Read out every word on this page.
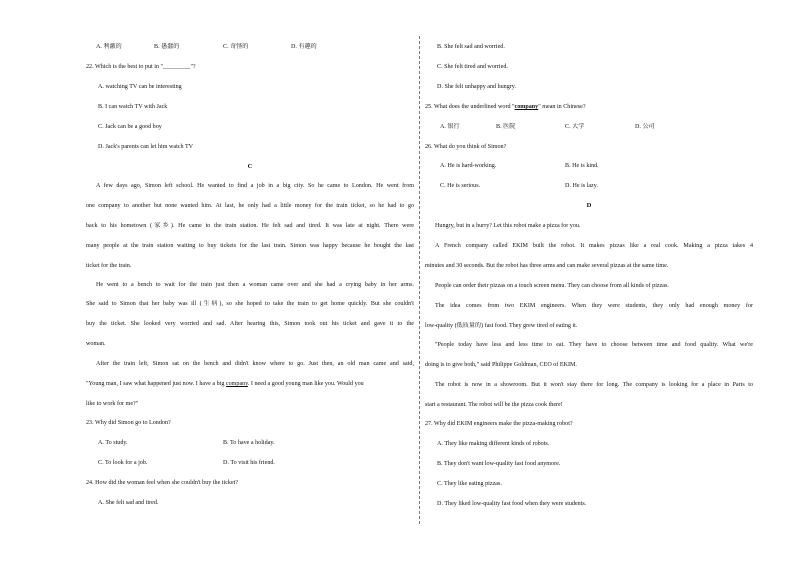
A. 利激的	B. 愚蠢的	C. 奇怪的	D. 有趣的
22. Which is the best to put in "_________"?
A. watching TV can be interesting
B. I can watch TV with Jack
C. Jack can be a good boy
D. Jack's parents can let him watch TV
C
A few days ago, Simon left school. He wanted to find a job in a big city. So he came to London. He went from
one company to another but none wanted him. At last, he only had a little money for the train ticket, so he had to go
back to his hometown (家乡). He came to the train station. He felt sad and tired. It was late at night. There were
many people at the train station waiting to buy tickets for the last train. Simon was happy because he bought the last
ticket for the train.
He went to a bench to wait for the train just then a woman came over and she had a crying baby in her arms.
She said to Simon that her baby was ill (生病), so she hoped to take the train to get home quickly. But she couldn't
buy the ticket. She looked very worried and sad. After hearing this, Simon took out his ticket and gave it to the
woman.
After the train left, Simon sat on the bench and didn't know where to go. Just then, an old man came and said,
"Young man, I saw what happened just now. I have a big company. I need a good young man like you. Would you
like to work for me?"
23. Why did Simon go to London?
A. To study.	B. To have a holiday.
C. To look for a job.	D. To visit his friend.
24. How did the woman feel when she couldn't buy the ticket?
A. She felt sad and tired.
B. She felt sad and worried.
C. She felt tired and worried.
D. She felt unhappy and hungry.
25. What does the underlined word "company" mean in Chinese?
A. 银行	B. 医院	C. 大学	D. 公司
26. What do you think of Simon?
A. He is hard-working.	B. He is kind.
C. He is serious.	D. He is lazy.
D
Hungry, but in a hurry? Let this robot make a pizza for you.
A French company called EKIM built the robot. It makes pizzas like a real cook. Making a pizza takes 4
minutes and 30 seconds. But the robot has three arms and can make several pizzas at the same time.
People can order their pizzas on a touch screen menu. They can choose from all kinds of pizzas.
The idea comes from two EKIM engineers. When they were students, they only had enough money for
low-quality (低质量的) fast food. They grew tired of eating it.
"People today have less and less time to eat. They have to choose between time and food quality. What we're
doing is to give both," said Philippe Goldman, CEO of EKIM.
The robot is now in a showroom. But it won't stay there for long. The company is looking for a place in Paris to
start a restaurant. The robot will be the pizza cook there!
27. Why did EKIM engineers make the pizza-making robot?
A. They like making different kinds of robots.
B. They don't want low-quality fast food anymore.
C. They like eating pizzas.
D. They liked low-quality fast food when they were students.
